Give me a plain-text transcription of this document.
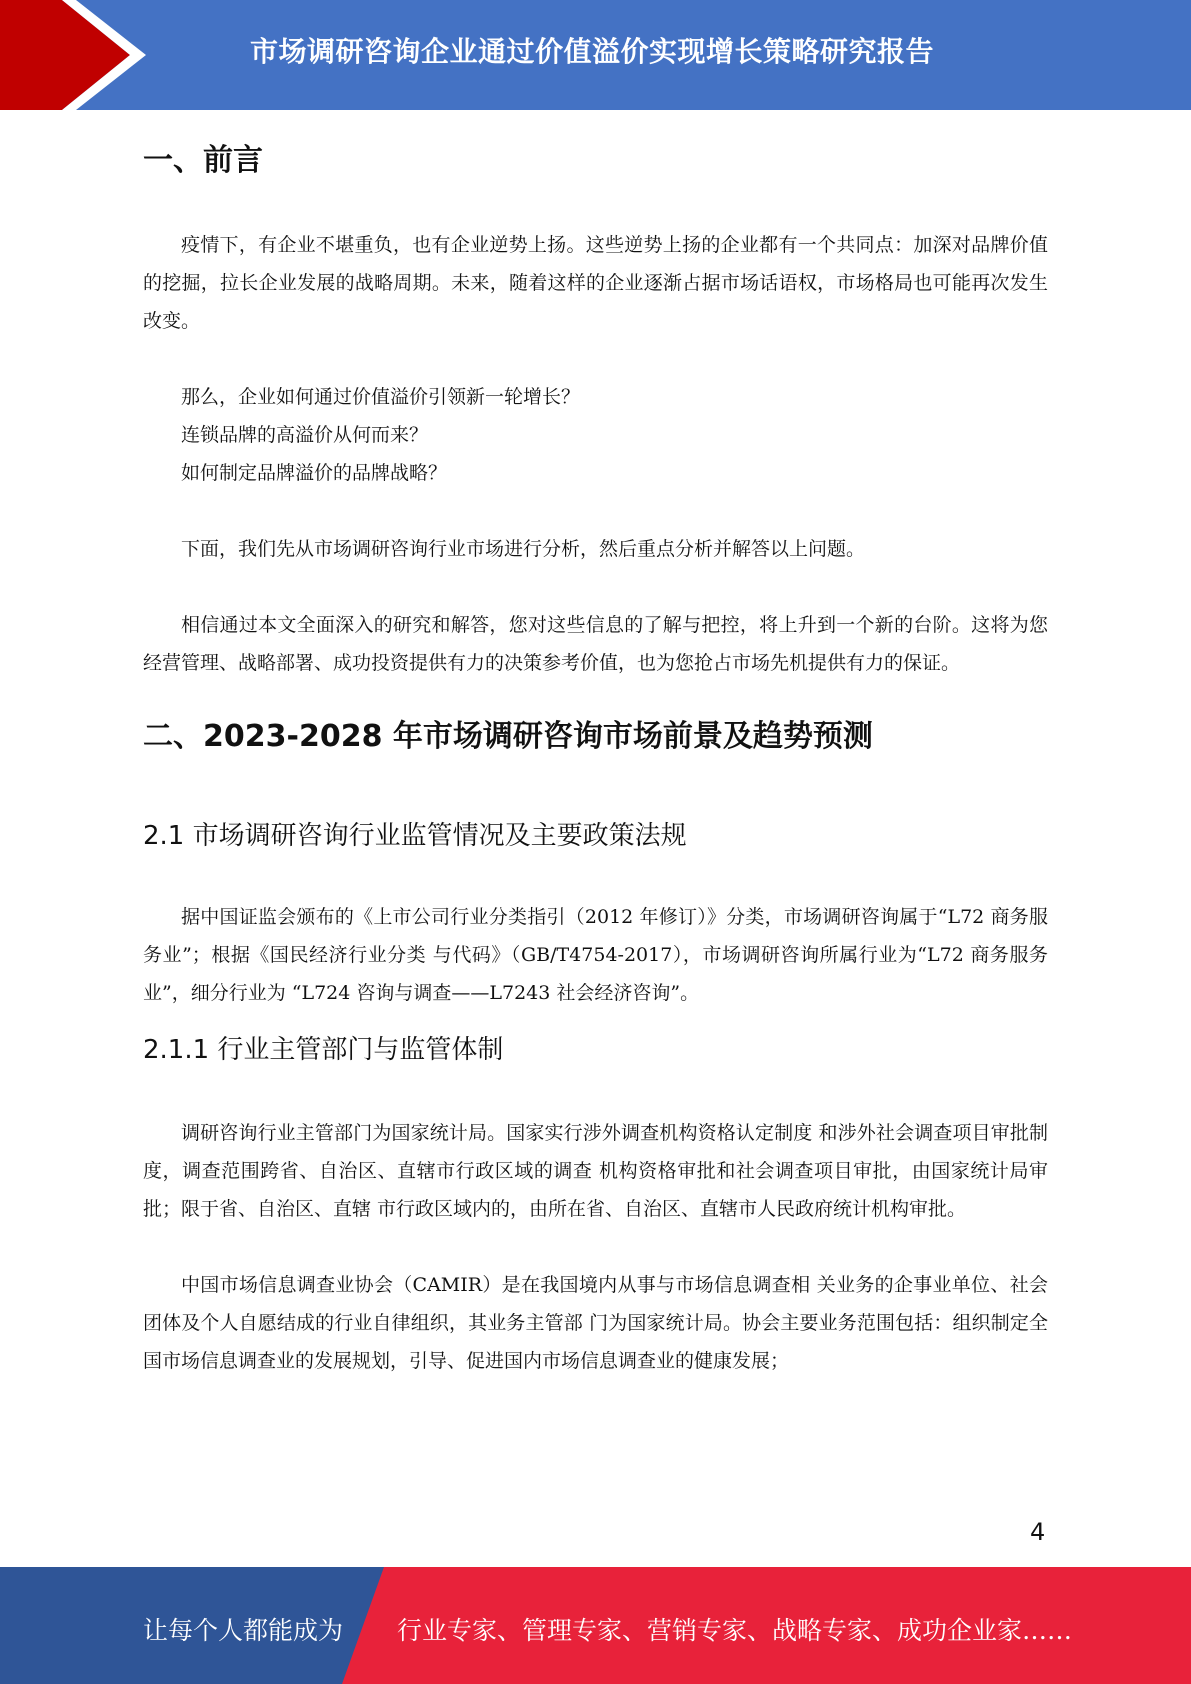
市场调研咨询企业通过价值溢价实现增长策略研究报告
一、前言

疫情下，有企业不堪重负，也有企业逆势上扬。这些逆势上扬的企业都有一个共同点：加深对品牌价值的挖掘，拉长企业发展的战略周期。未来，随着这样的企业逐渐占据市场话语权，市场格局也可能再次发生改变。

那么，企业如何通过价值溢价引领新一轮增长？
连锁品牌的高溢价从何而来？
如何制定品牌溢价的品牌战略？

下面，我们先从市场调研咨询行业市场进行分析，然后重点分析并解答以上问题。

相信通过本文全面深入的研究和解答，您对这些信息的了解与把控，将上升到一个新的台阶。这将为您经营管理、战略部署、成功投资提供有力的决策参考价值，也为您抢占市场先机提供有力的保证。

二、2023-2028 年市场调研咨询市场前景及趋势预测
2.1 市场调研咨询行业监管情况及主要政策法规

据中国证监会颁布的《上市公司行业分类指引（2012 年修订）》分类，市场调研咨询属于“L72 商务服务业”；根据《国民经济行业分类 与代码》（GB/T4754-2017），市场调研咨询所属行业为“L72 商务服务业”，细分行业为 “L724 咨询与调查——L7243 社会经济咨询”。

2.1.1 行业主管部门与监管体制

调研咨询行业主管部门为国家统计局。国家实行涉外调查机构资格认定制度 和涉外社会调查项目审批制度，调查范围跨省、自治区、直辖市行政区域的调查 机构资格审批和社会调查项目审批，由国家统计局审批；限于省、自治区、直辖 市行政区域内的，由所在省、自治区、直辖市人民政府统计机构审批。

中国市场信息调查业协会（CAMIR）是在我国境内从事与市场信息调查相 关业务的企事业单位、社会团体及个人自愿结成的行业自律组织，其业务主管部 门为国家统计局。协会主要业务范围包括：组织制定全国市场信息调查业的发展规划，引导、促进国内市场信息调查业的健康发展；

4
让每个人都能成为 行业专家、管理专家、营销专家、战略专家、成功企业家……
